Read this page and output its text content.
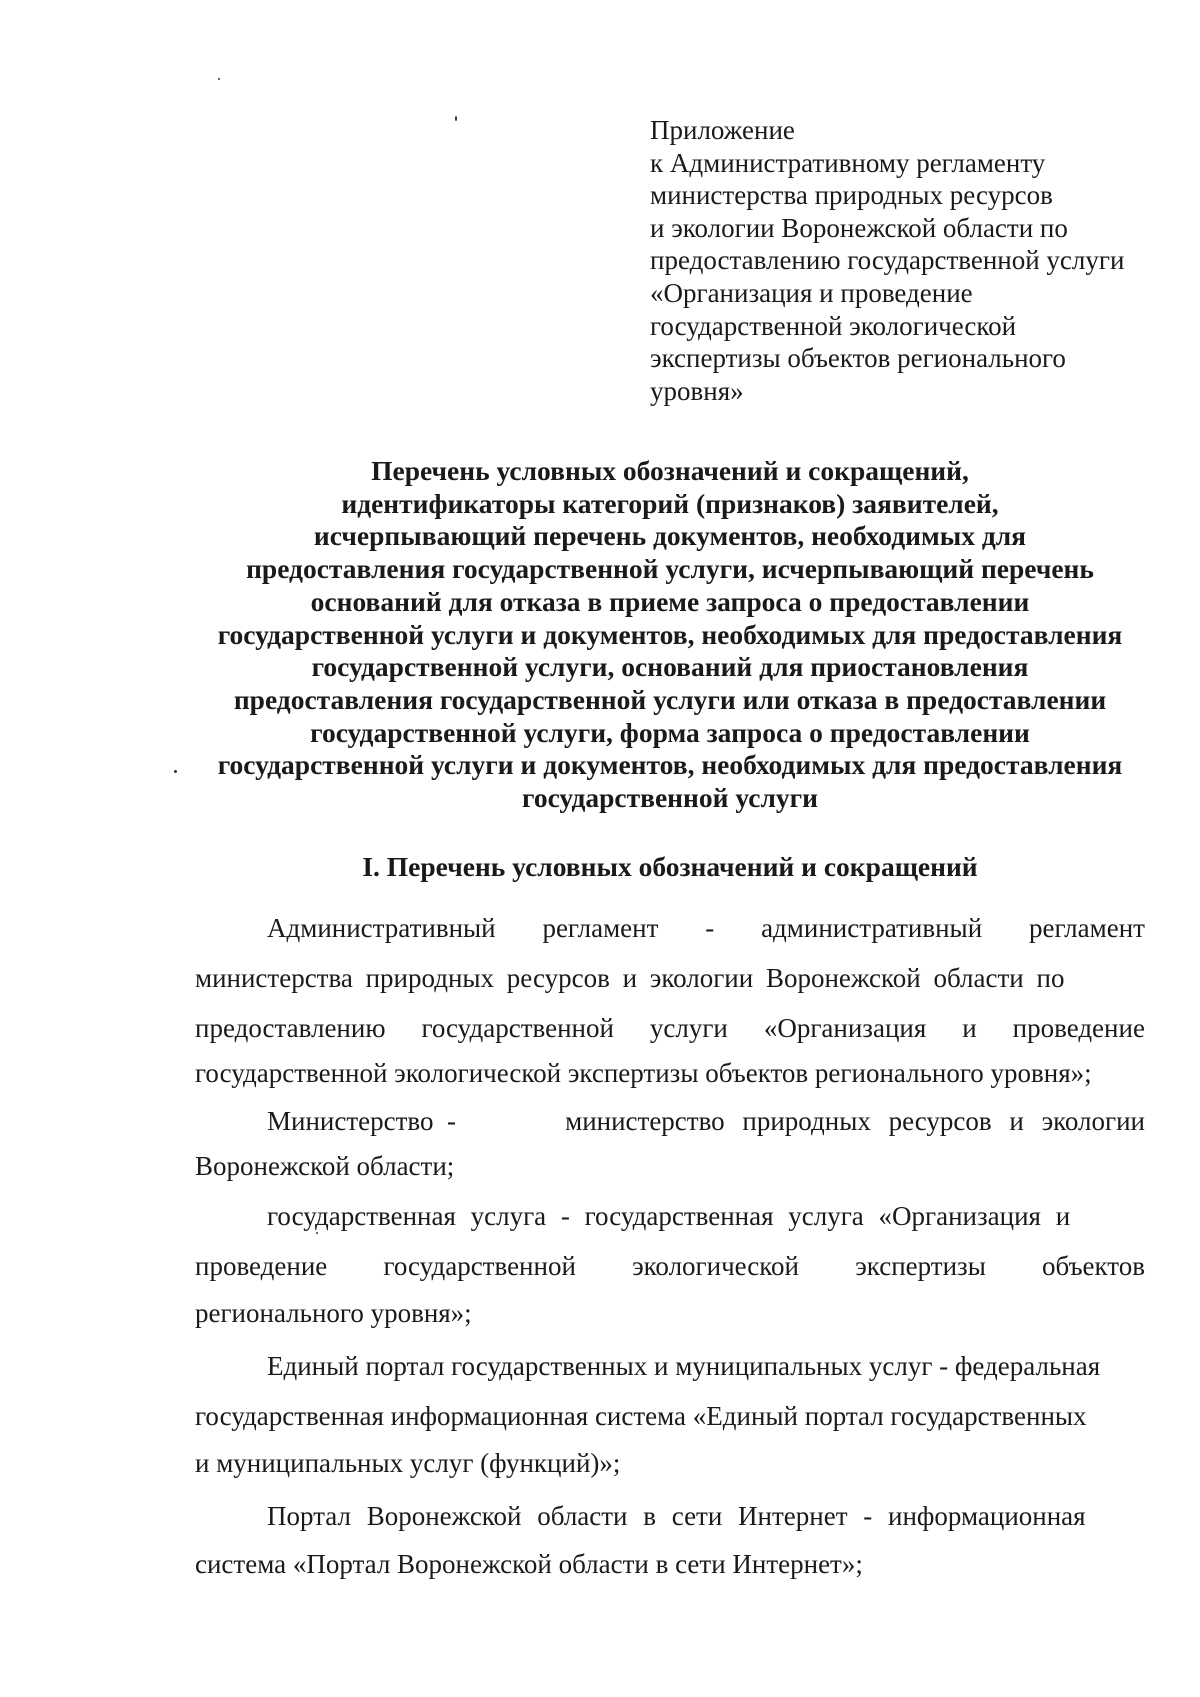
Приложение
к Административному регламенту
министерства природных ресурсов
и экологии Воронежской области по
предоставлению государственной услуги
«Организация и проведение
государственной экологической
экспертизы объектов регионального
уровня»
Перечень условных обозначений и сокращений,
идентификаторы категорий (признаков) заявителей,
исчерпывающий перечень документов, необходимых для
предоставления государственной услуги, исчерпывающий перечень
оснований для отказа в приеме запроса о предоставлении
государственной услуги и документов, необходимых для предоставления
государственной услуги, оснований для приостановления
предоставления государственной услуги или отказа в предоставлении
государственной услуги, форма запроса о предоставлении
государственной услуги и документов, необходимых для предоставления
государственной услуги
I. Перечень условных обозначений и сокращений
Административный регламент - административный регламент
министерства природных ресурсов и экологии Воронежской области по
предоставлению государственной услуги «Организация и проведение
государственной экологической экспертизы объектов регионального уровня»;
Министерство  -	министерство природных ресурсов и экологии
Воронежской области;
государственная услуга - государственная услуга «Организация и
проведение государственной экологической экспертизы объектов
регионального уровня»;
Единый портал государственных и муниципальных услуг - федеральная
государственная информационная система «Единый портал государственных
и муниципальных услуг (функций)»;
Портал Воронежской области в сети Интернет - информационная
система «Портал Воронежской области в сети Интернет»;
